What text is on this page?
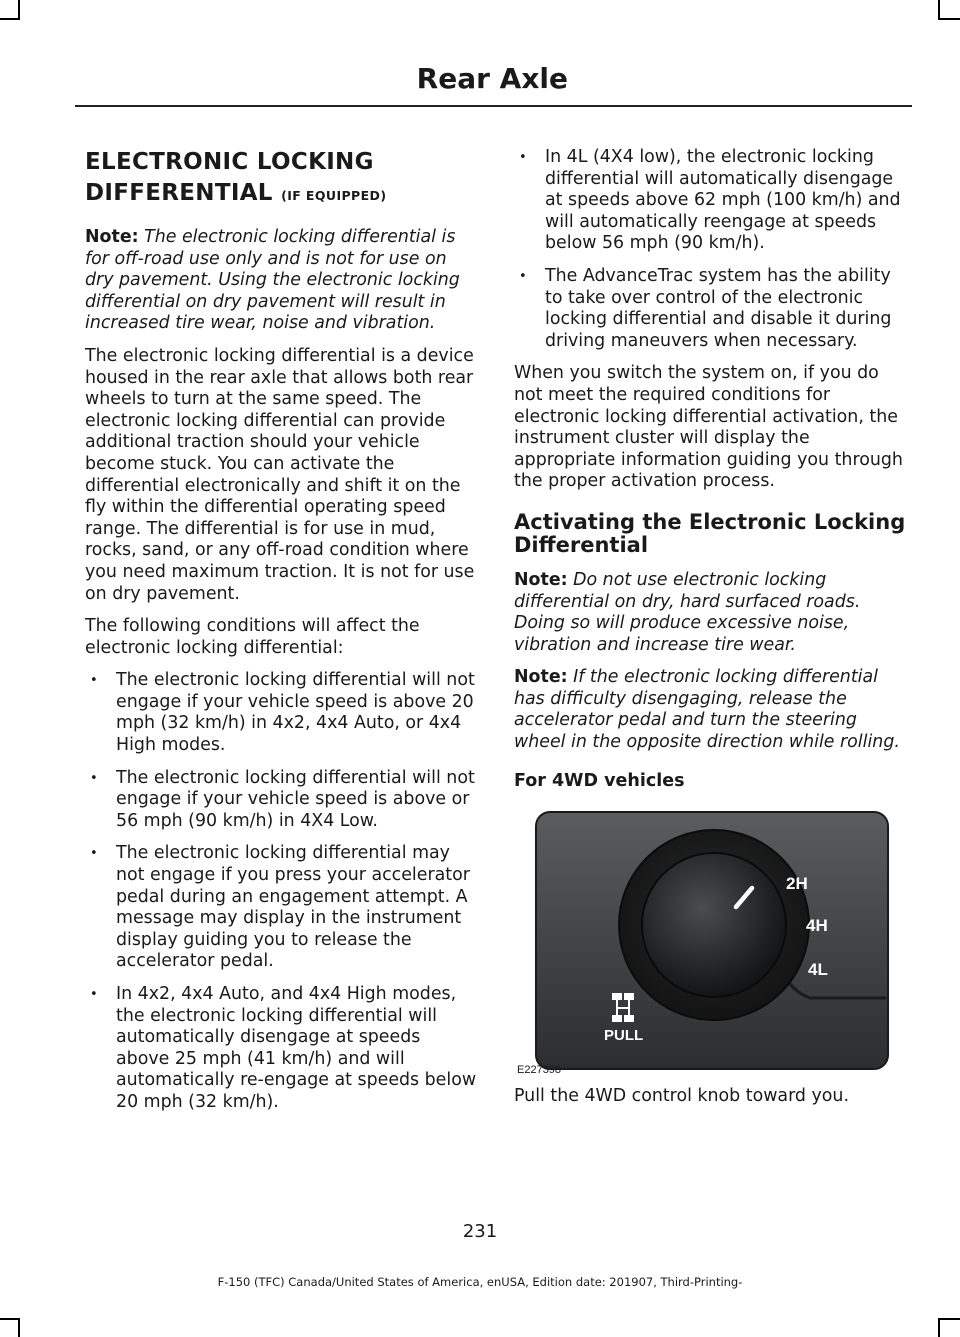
Rear Axle
ELECTRONIC LOCKING DIFFERENTIAL (IF EQUIPPED)

Note: The electronic locking differential is for off-road use only and is not for use on dry pavement. Using the electronic locking differential on dry pavement will result in increased tire wear, noise and vibration.

The electronic locking differential is a device housed in the rear axle that allows both rear wheels to turn at the same speed. The electronic locking differential can provide additional traction should your vehicle become stuck. You can activate the differential electronically and shift it on the fly within the differential operating speed range. The differential is for use in mud, rocks, sand, or any off-road condition where you need maximum traction. It is not for use on dry pavement.

The following conditions will affect the electronic locking differential:

• The electronic locking differential will not engage if your vehicle speed is above 20 mph (32 km/h) in 4x2, 4x4 Auto, or 4x4 High modes.
• The electronic locking differential will not engage if your vehicle speed is above or 56 mph (90 km/h) in 4X4 Low.
• The electronic locking differential may not engage if you press your accelerator pedal during an engagement attempt. A message may display in the instrument display guiding you to release the accelerator pedal.
• In 4x2, 4x4 Auto, and 4x4 High modes, the electronic locking differential will automatically disengage at speeds above 25 mph (41 km/h) and will automatically re-engage at speeds below 20 mph (32 km/h).
• In 4L (4X4 low), the electronic locking differential will automatically disengage at speeds above 62 mph (100 km/h) and will automatically reengage at speeds below 56 mph (90 km/h).
• The AdvanceTrac system has the ability to take over control of the electronic locking differential and disable it during driving maneuvers when necessary.

When you switch the system on, if you do not meet the required conditions for electronic locking differential activation, the instrument cluster will display the appropriate information guiding you through the proper activation process.

Activating the Electronic Locking Differential

Note: Do not use electronic locking differential on dry, hard surfaced roads. Doing so will produce excessive noise, vibration and increase tire wear.

Note: If the electronic locking differential has difficulty disengaging, release the accelerator pedal and turn the steering wheel in the opposite direction while rolling.

For 4WD vehicles
2H
4H
4L
PULL
E227398

Pull the 4WD control knob toward you.

231
F-150 (TFC) Canada/United States of America, enUSA, Edition date: 201907, Third-Printing-
